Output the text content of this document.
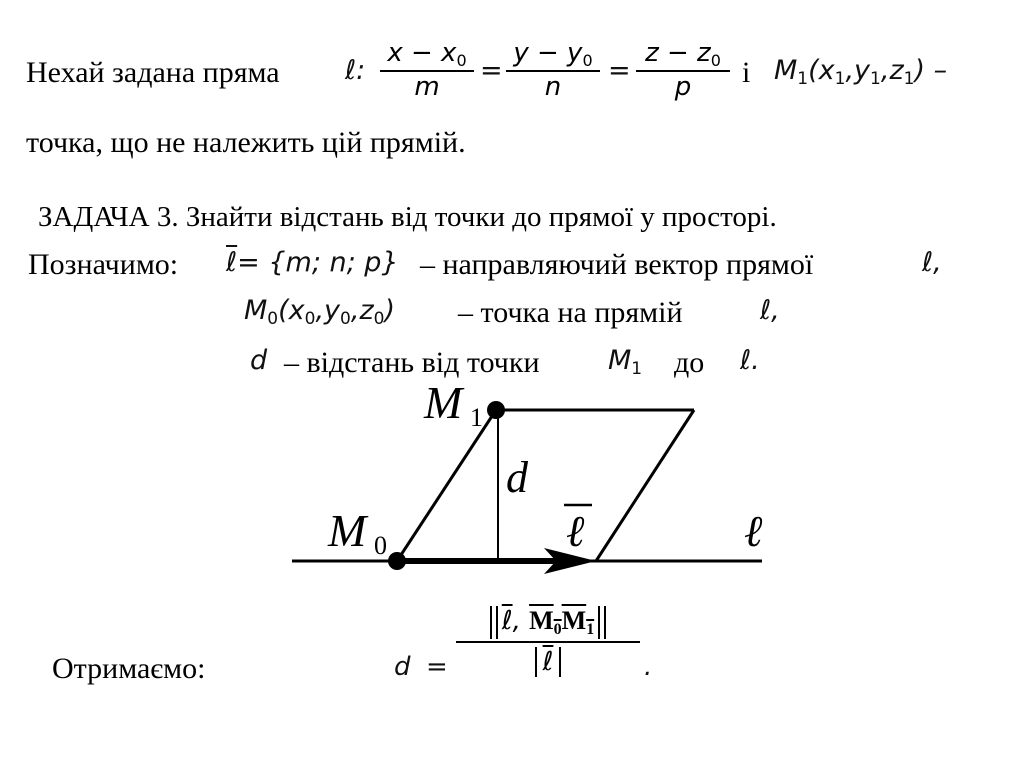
Нехай задана пряма ℓ:
$x - x_0$
m
=
$y - y_0$
n
=
$z - z_0$
p	і $M_1(x_1,y_1,z_1)$ –
точка, що не належить цій прямій.
ЗАДАЧА 3. Знайти відстань від точки до прямої у просторі.
Позначимо: ℓ= {m; n; p} – направляючий вектор прямої	ℓ,
$M_0(x_0,y_0,z_0)$ – точка на прямій	ℓ,
d – відстань від точки	$M_1$ до ℓ.
M 1
d
ℓ
M 0	ℓ
Отримаємо:	d =
ℓ, $M_0M_1$
ℓ	.
